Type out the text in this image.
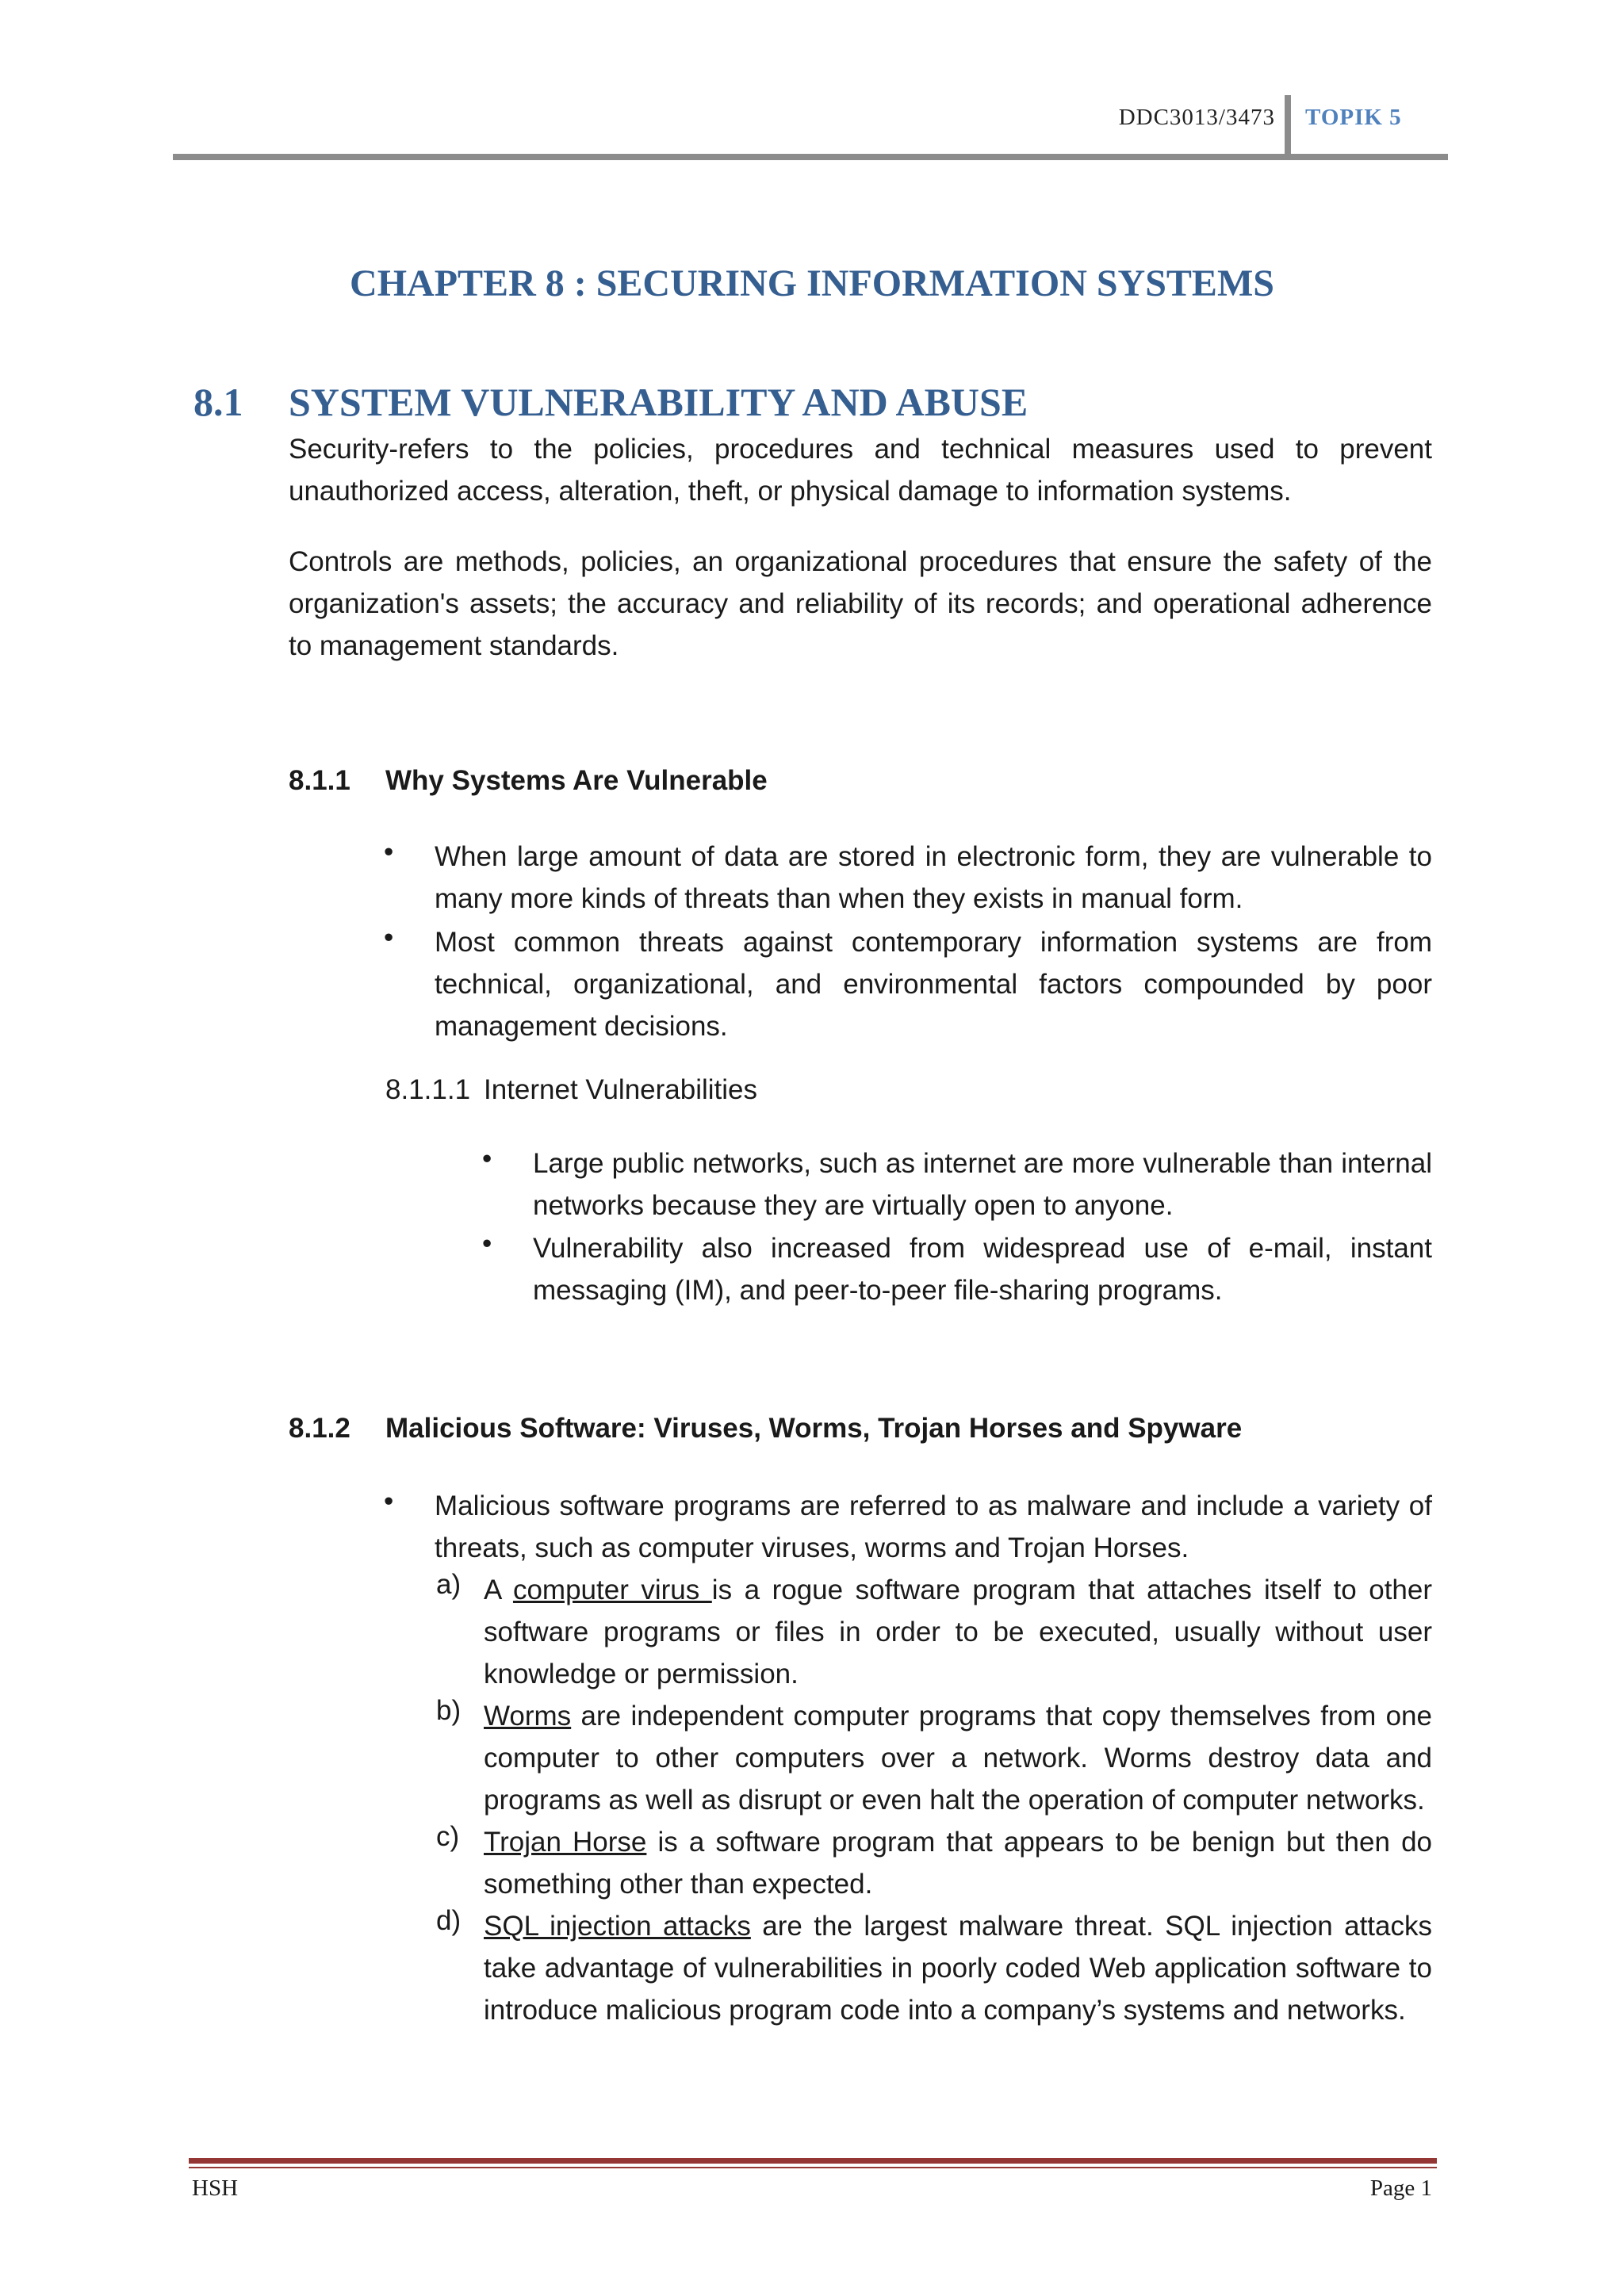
DDC3013/3473 TOPIK 5
CHAPTER 8 : SECURING INFORMATION SYSTEMS
8.1 SYSTEM VULNERABILITY AND ABUSE
Security-refers to the policies, procedures and technical measures used to prevent unauthorized access, alteration, theft, or physical damage to information systems.
Controls are methods, policies, an organizational procedures that ensure the safety of the organization's assets; the accuracy and reliability of its records; and operational adherence to management standards.
8.1.1 Why Systems Are Vulnerable
• When large amount of data are stored in electronic form, they are vulnerable to many more kinds of threats than when they exists in manual form.
• Most common threats against contemporary information systems are from technical, organizational, and environmental factors compounded by poor management decisions.
8.1.1.1 Internet Vulnerabilities
• Large public networks, such as internet are more vulnerable than internal networks because they are virtually open to anyone.
• Vulnerability also increased from widespread use of e-mail, instant messaging (IM), and peer-to-peer file-sharing programs.
8.1.2 Malicious Software: Viruses, Worms, Trojan Horses and Spyware
• Malicious software programs are referred to as malware and include a variety of threats, such as computer viruses, worms and Trojan Horses.
a) A computer virus is a rogue software program that attaches itself to other software programs or files in order to be executed, usually without user knowledge or permission.
b) Worms are independent computer programs that copy themselves from one computer to other computers over a network. Worms destroy data and programs as well as disrupt or even halt the operation of computer networks.
c) Trojan Horse is a software program that appears to be benign but then do something other than expected.
d) SQL injection attacks are the largest malware threat. SQL injection attacks take advantage of vulnerabilities in poorly coded Web application software to introduce malicious program code into a company’s systems and networks.
HSH	Page 1
